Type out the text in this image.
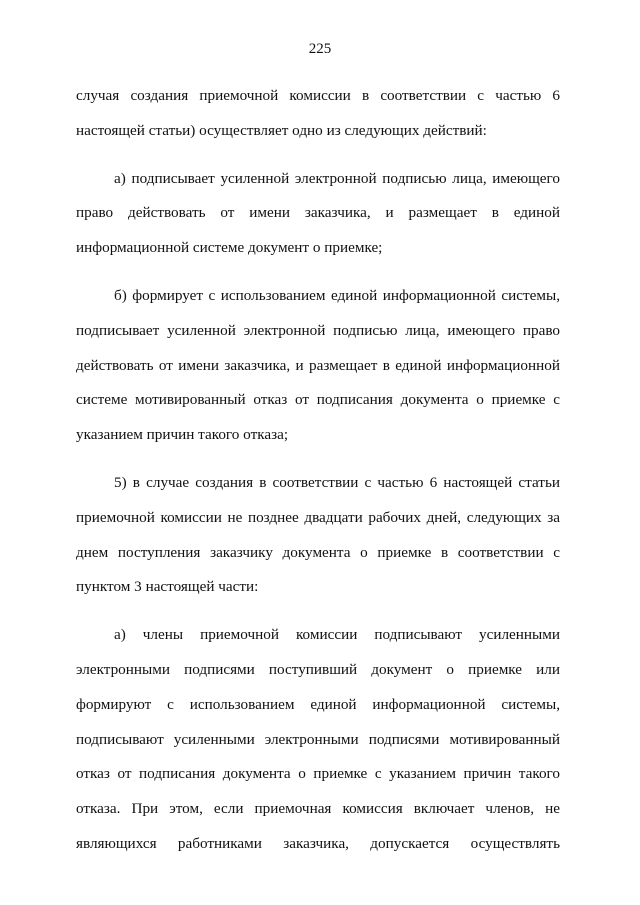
225

случая создания приемочной комиссии в соответствии с частью 6 настоящей статьи) осуществляет одно из следующих действий:

а) подписывает усиленной электронной подписью лица, имеющего право действовать от имени заказчика, и размещает в единой информационной системе документ о приемке;

б) формирует с использованием единой информационной системы, подписывает усиленной электронной подписью лица, имеющего право действовать от имени заказчика, и размещает в единой информационной системе мотивированный отказ от подписания документа о приемке с указанием причин такого отказа;

5) в случае создания в соответствии с частью 6 настоящей статьи приемочной комиссии не позднее двадцати рабочих дней, следующих за днем поступления заказчику документа о приемке в соответствии с пунктом 3 настоящей части:

а) члены приемочной комиссии подписывают усиленными электронными подписями поступивший документ о приемке или формируют с использованием единой информационной системы, подписывают усиленными электронными подписями мотивированный отказ от подписания документа о приемке с указанием причин такого отказа. При этом, если приемочная комиссия включает членов, не являющихся работниками заказчика, допускается осуществлять
